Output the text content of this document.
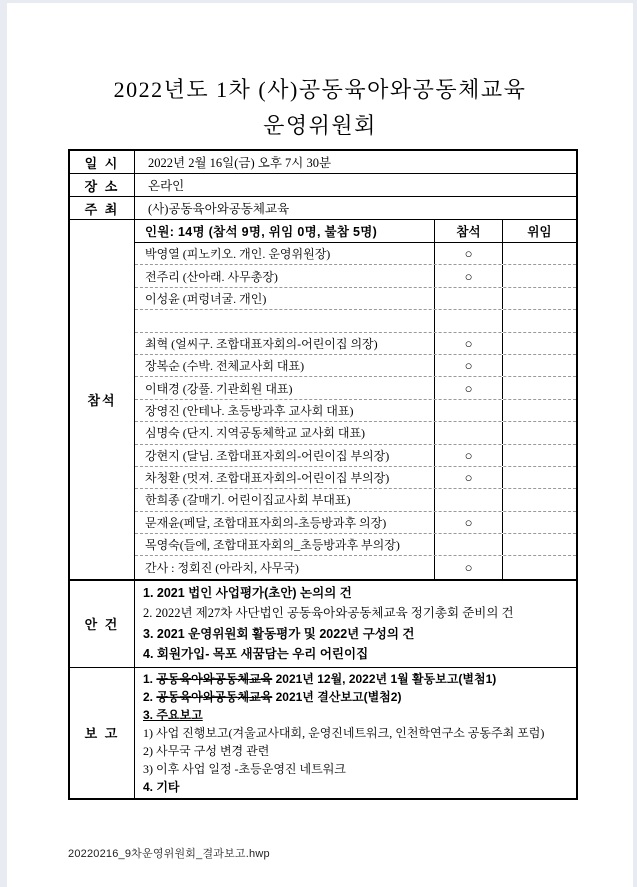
2022년도 1차 (사)공동육아와공동체교육
운영위원회
일 시	2022년 2월 16일(금) 오후 7시 30분
장 소	온라인
주 최	(사)공동육아와공동체교육
참석
인원: 14명 (참석 9명, 위임 0명, 불참 5명)	참석	위임
박영열 (피노키오. 개인. 운영위원장)	○
전주리 (산아래. 사무총장)	○
이성윤 (퍼렁녀굴. 개인)
최혁 (얼씨구. 조합대표자회의-어린이집 의장)	○
장복순 (수박. 전체교사회 대표)	○
이태경 (강풀. 기관회원 대표)	○
장영진 (안테나. 초등방과후 교사회 대표)
심명숙 (단지. 지역공동체학교 교사회 대표)
강현지 (달님. 조합대표자회의-어린이집 부의장)	○
차청환 (멋져. 조합대표자회의-어린이집 부의장)	○
한희종 (갈매기. 어린이집교사회 부대표)
문재윤(페달, 조합대표자회의-초등방과후 의장)	○
목영숙(들에, 조합대표자회의_초등방과후 부의장)
간사 : 정회진 (아라치, 사무국)	○
안 건
1. 2021 법인 사업평가(초안) 논의의 건
2. 2022년 제27차 사단법인 공동육아와공동체교육 정기총회 준비의 건
3. 2021 운영위원회 활동평가 및 2022년 구성의 건
4. 회원가입- 목포 새꿈담는 우리 어린이집
보 고
1. 공동육아와공동체교육 2021년 12월, 2022년 1월 활동보고(별첨1)
2. 공동육아와공동체교육 2021년 결산보고(별첨2)
3. 주요보고
1) 사업 진행보고(겨울교사대회, 운영진네트워크, 인천학연구소 공동주최 포럼)
2) 사무국 구성 변경 관련
3) 이후 사업 일정 -초등운영진 네트워크
4. 기타
20220216_9차운영위원회_결과보고.hwp
